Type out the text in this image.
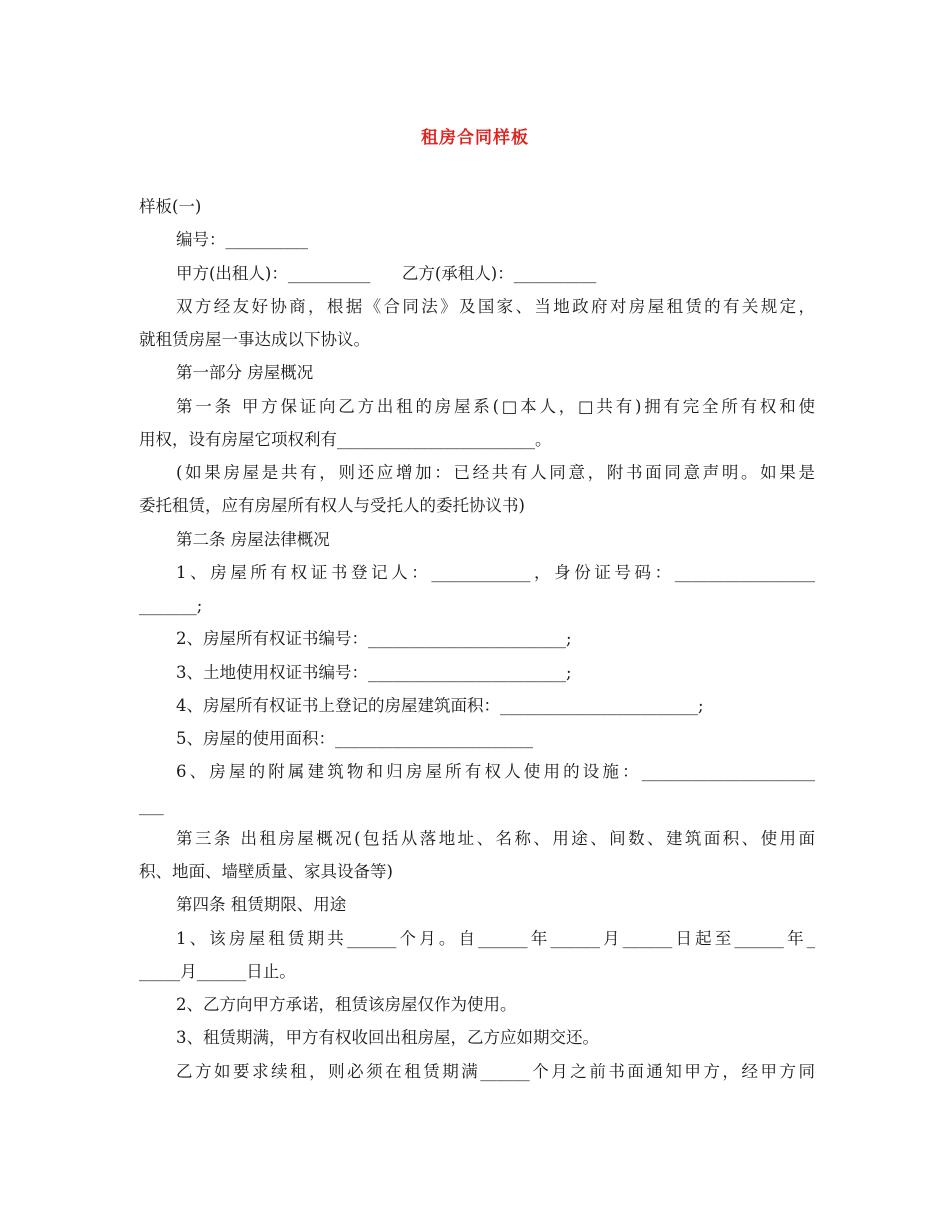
租房合同样板
样板(一)
编号：__________
甲方(出租人)：__________      乙方(承租人)：__________
双方经友好协商，根据《合同法》及国家、当地政府对房屋租赁的有关规定，
就租赁房屋一事达成以下协议。
第一部分 房屋概况
第一条 甲方保证向乙方出租的房屋系(□本人，□共有)拥有完全所有权和使
用权，设有房屋它项权利有________________________。
(如果房屋是共有，则还应增加：已经共有人同意，附书面同意声明。如果是
委托租赁，应有房屋所有权人与受托人的委托协议书)
第二条 房屋法律概况
1、房屋所有权证书登记人：____________，身份证号码：_________________
_______;
2、房屋所有权证书编号：________________________;
3、土地使用权证书编号：________________________;
4、房屋所有权证书上登记的房屋建筑面积：________________________;
5、房屋的使用面积：________________________
6、房屋的附属建筑物和归房屋所有权人使用的设施：_____________________
___
第三条 出租房屋概况(包括从落地址、名称、用途、间数、建筑面积、使用面
积、地面、墙壁质量、家具设备等)
第四条 租赁期限、用途
1、该房屋租赁期共______个月。自______年______月______日起至______年_
_____月______日止。
2、乙方向甲方承诺，租赁该房屋仅作为使用。
3、租赁期满，甲方有权收回出租房屋，乙方应如期交还。
乙方如要求续租，则必须在租赁期满______个月之前书面通知甲方，经甲方同
